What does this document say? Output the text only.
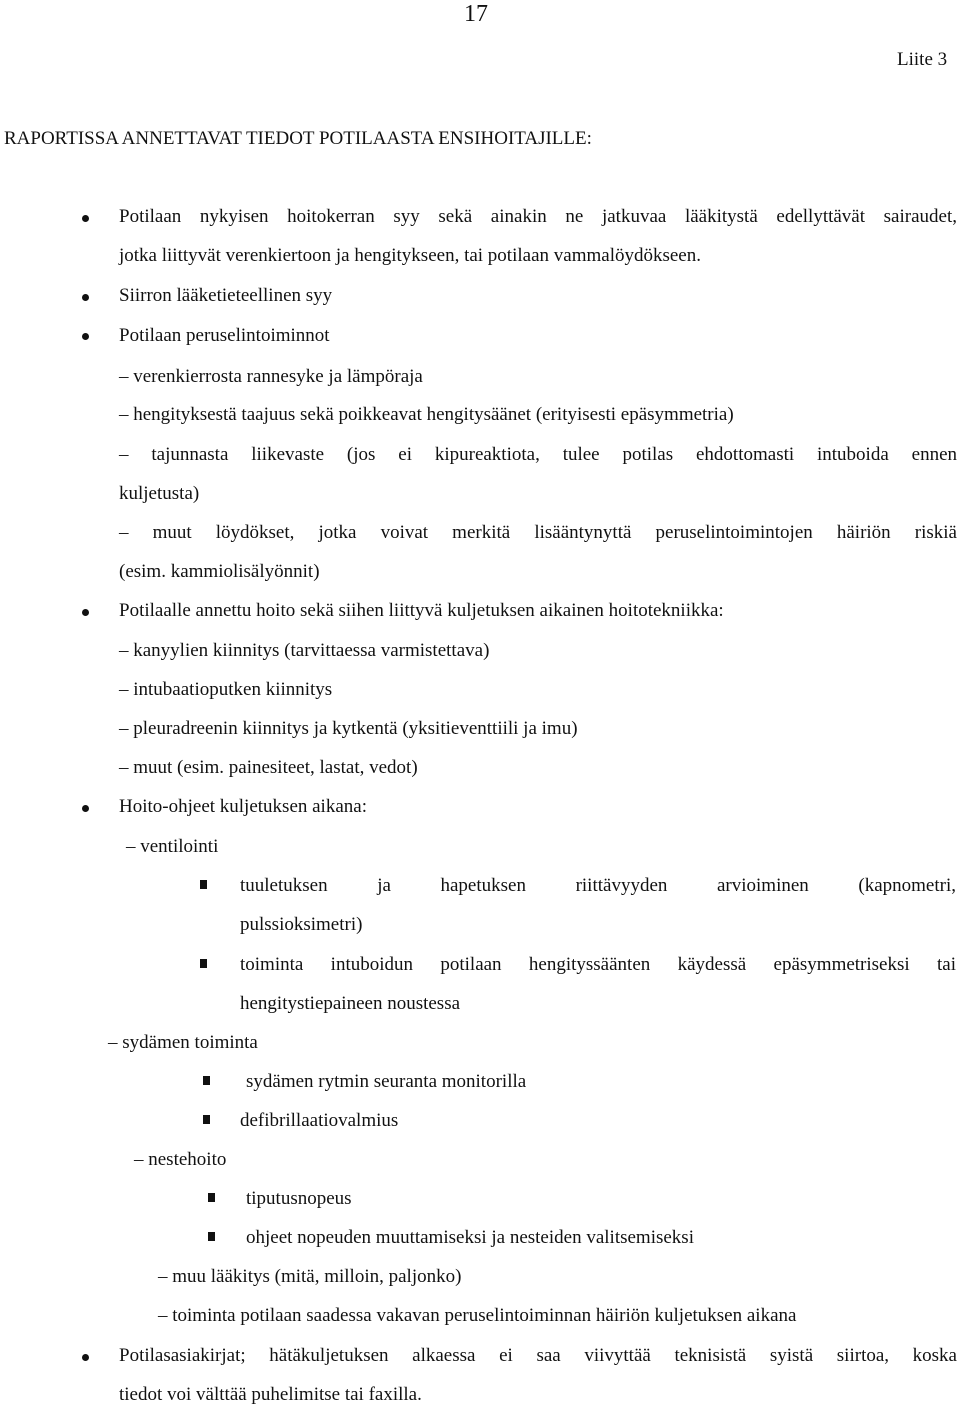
17
Liite 3
RAPORTISSA ANNETTAVAT TIEDOT POTILAASTA ENSIHOITAJILLE:
Potilaan nykyisen hoitokerran syy sekä ainakin ne jatkuvaa lääkitystä edellyttävät sairaudet,
jotka liittyvät verenkiertoon ja hengitykseen, tai potilaan vammalöydökseen.
Siirron lääketieteellinen syy
Potilaan peruselintoiminnot
– verenkierrosta rannesyke ja lämpöraja
– hengityksestä taajuus sekä poikkeavat hengitysäänet (erityisesti epäsymmetria)
– tajunnasta liikevaste (jos ei kipureaktiota, tulee potilas ehdottomasti intuboida ennen
kuljetusta)
– muut löydökset, jotka voivat merkitä lisääntynyttä peruselintoimintojen häiriön riskiä
(esim. kammiolisälyönnit)
Potilaalle annettu hoito sekä siihen liittyvä kuljetuksen aikainen hoitotekniikka:
– kanyylien kiinnitys (tarvittaessa varmistettava)
– intubaatioputken kiinnitys
– pleuradreenin kiinnitys ja kytkentä (yksitieventtiili ja imu)
– muut (esim. painesiteet, lastat, vedot)
Hoito-ohjeet kuljetuksen aikana:
– ventilointi
tuuletuksen ja hapetuksen riittävyyden arvioiminen (kapnometri,
pulssioksimetri)
toiminta intuboidun potilaan hengityssäänten käydessä epäsymmetriseksi tai
hengitystiepaineen noustessa
– sydämen toiminta
sydämen rytmin seuranta monitorilla
defibrillaatiovalmius
– nestehoito
tiputusnopeus
ohjeet nopeuden muuttamiseksi ja nesteiden valitsemiseksi
– muu lääkitys (mitä, milloin, paljonko)
– toiminta potilaan saadessa vakavan peruselintoiminnan häiriön kuljetuksen aikana
Potilasasiakirjat; hätäkuljetuksen alkaessa ei saa viivyttää teknisistä syistä siirtoa, koska
tiedot voi välttää puhelimitse tai faxilla.
